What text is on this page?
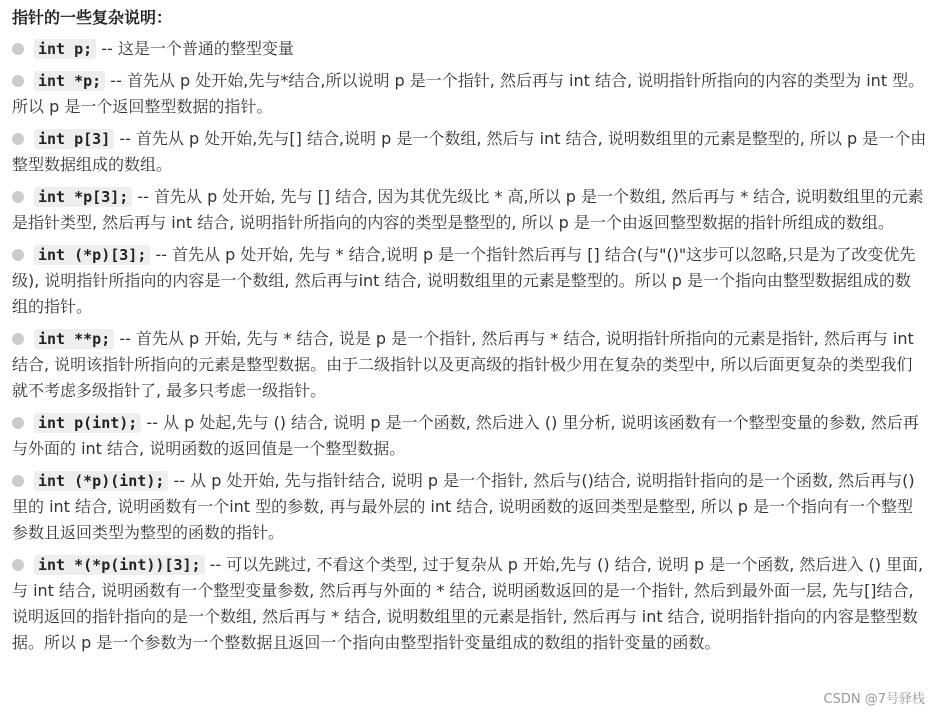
指针的一些复杂说明：
int p; -- 这是一个普通的整型变量
int *p; -- 首先从 p 处开始,先与*结合,所以说明 p 是一个指针, 然后再与 int 结合, 说明指针所指向的内容的类型为 int 型。所以 p 是一个返回整型数据的指针。
int p[3] -- 首先从 p 处开始,先与[] 结合,说明 p 是一个数组, 然后与 int 结合, 说明数组里的元素是整型的, 所以 p 是一个由整型数据组成的数组。
int *p[3]; -- 首先从 p 处开始, 先与 [] 结合, 因为其优先级比 * 高,所以 p 是一个数组, 然后再与 * 结合, 说明数组里的元素是指针类型, 然后再与 int 结合, 说明指针所指向的内容的类型是整型的, 所以 p 是一个由返回整型数据的指针所组成的数组。
int (*p)[3]; -- 首先从 p 处开始, 先与 * 结合,说明 p 是一个指针然后再与 [] 结合(与"()"这步可以忽略,只是为了改变优先级), 说明指针所指向的内容是一个数组, 然后再与int 结合, 说明数组里的元素是整型的。所以 p 是一个指向由整型数据组成的数组的指针。
int **p; -- 首先从 p 开始, 先与 * 结合, 说是 p 是一个指针, 然后再与 * 结合, 说明指针所指向的元素是指针, 然后再与 int 结合, 说明该指针所指向的元素是整型数据。由于二级指针以及更高级的指针极少用在复杂的类型中, 所以后面更复杂的类型我们就不考虑多级指针了, 最多只考虑一级指针。
int p(int); -- 从 p 处起,先与 () 结合, 说明 p 是一个函数, 然后进入 () 里分析, 说明该函数有一个整型变量的参数, 然后再与外面的 int 结合, 说明函数的返回值是一个整型数据。
int (*p)(int); -- 从 p 处开始, 先与指针结合, 说明 p 是一个指针, 然后与()结合, 说明指针指向的是一个函数, 然后再与()里的 int 结合, 说明函数有一个int 型的参数, 再与最外层的 int 结合, 说明函数的返回类型是整型, 所以 p 是一个指向有一个整型参数且返回类型为整型的函数的指针。
int *(*p(int))[3]; -- 可以先跳过, 不看这个类型, 过于复杂从 p 开始,先与 () 结合, 说明 p 是一个函数, 然后进入 () 里面, 与 int 结合, 说明函数有一个整型变量参数, 然后再与外面的 * 结合, 说明函数返回的是一个指针, 然后到最外面一层, 先与[]结合, 说明返回的指针指向的是一个数组, 然后再与 * 结合, 说明数组里的元素是指针, 然后再与 int 结合, 说明指针指向的内容是整型数据。所以 p 是一个参数为一个整数据且返回一个指向由整型指针变量组成的数组的指针变量的函数。
CSDN @7号驿栈
